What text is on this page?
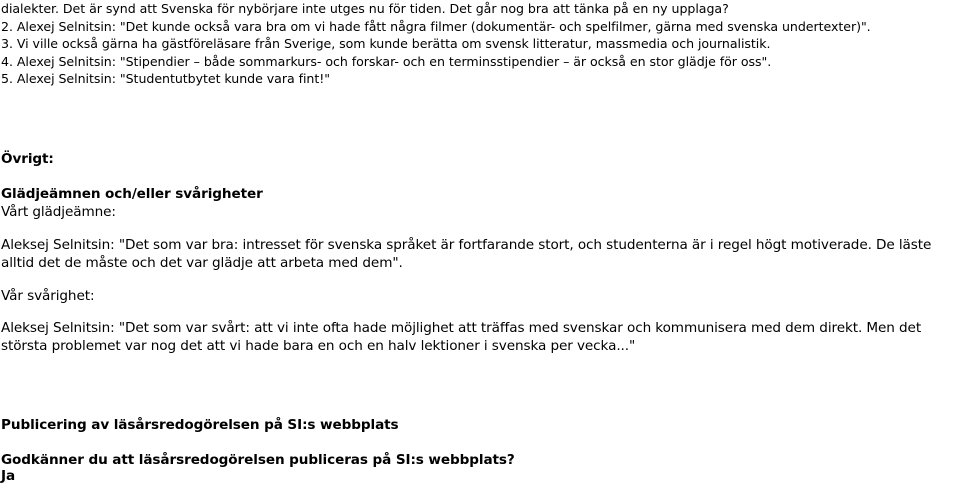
dialekter. Det är synd att Svenska för nybörjare inte utges nu för tiden. Det går nog bra att tänka på en ny upplaga?
2. Alexej Selnitsin: "Det kunde också vara bra om vi hade fått några filmer (dokumentär- och spelfilmer, gärna med svenska undertexter)".
3. Vi ville också gärna ha gästföreläsare från Sverige, som kunde berätta om svensk litteratur, massmedia och journalistik.
4. Alexej Selnitsin: "Stipendier – både sommarkurs- och forskar- och en terminsstipendier – är också en stor glädje för oss".
5. Alexej Selnitsin: "Studentutbytet kunde vara fint!"
Övrigt:
Glädjeämnen och/eller svårigheter
Vårt glädjeämne:
Aleksej Selnitsin: "Det som var bra: intresset för svenska språket är fortfarande stort, och studenterna är i regel högt motiverade. De läste alltid det de måste och det var glädje att arbeta med dem".
Vår svårighet:
Aleksej Selnitsin: "Det som var svårt: att vi inte ofta hade möjlighet att träffas med svenskar och kommunisera med dem direkt. Men det största problemet var nog det att vi hade bara en och en halv lektioner i svenska per vecka..."
Publicering av läsårsredogörelsen på SI:s webbplats
Godkänner du att läsårsredogörelsen publiceras på SI:s webbplats?
Ja
